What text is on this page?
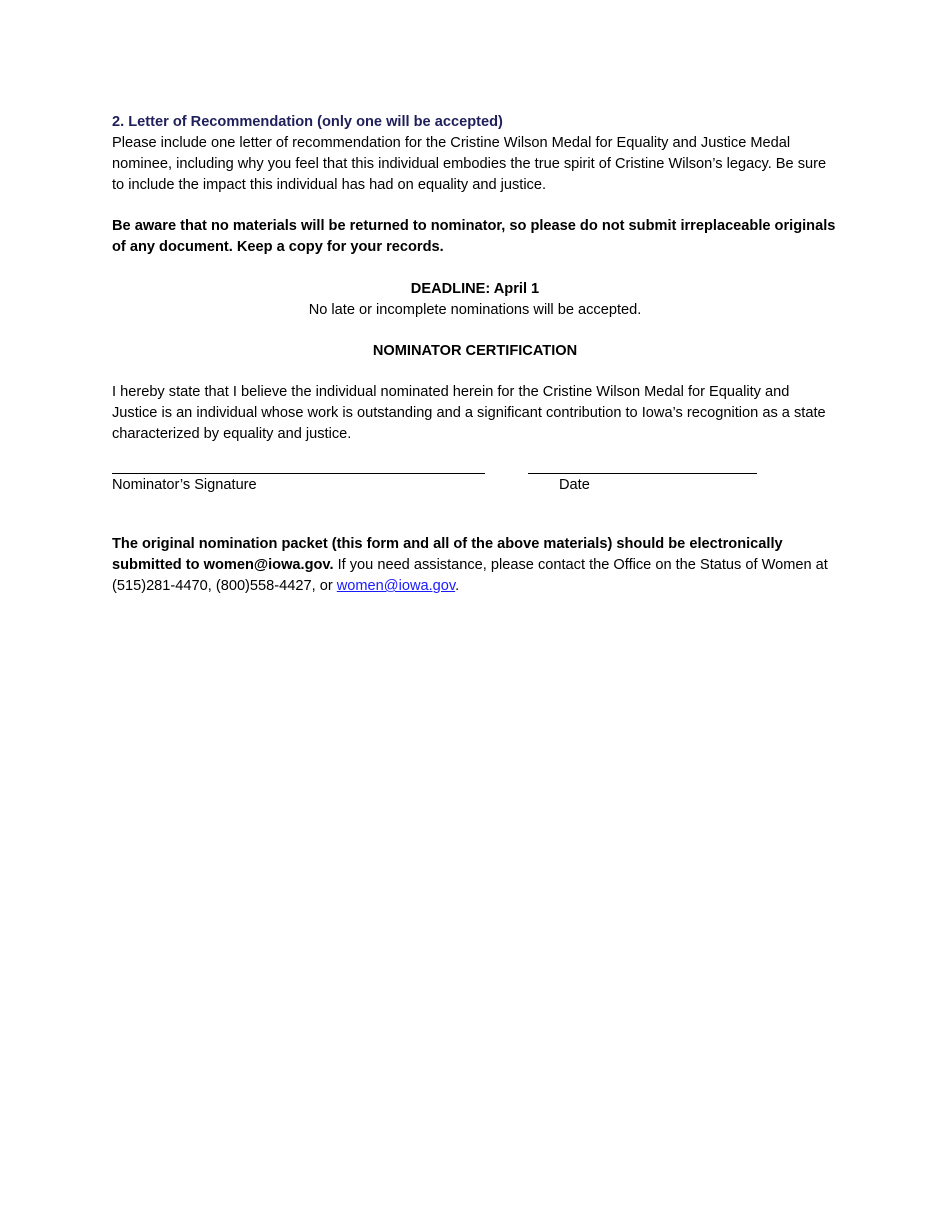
2. Letter of Recommendation (only one will be accepted)

Please include one letter of recommendation for the Cristine Wilson Medal for Equality and Justice Medal nominee, including why you feel that this individual embodies the true spirit of Cristine Wilson’s legacy. Be sure to include the impact this individual has had on equality and justice.

Be aware that no materials will be returned to nominator, so please do not submit irreplaceable originals of any document. Keep a copy for your records.

DEADLINE: April 1

No late or incomplete nominations will be accepted.

NOMINATOR CERTIFICATION

I hereby state that I believe the individual nominated herein for the Cristine Wilson Medal for Equality and Justice is an individual whose work is outstanding and a significant contribution to Iowa’s recognition as a state characterized by equality and justice.

Nominator’s Signature	Date

The original nomination packet (this form and all of the above materials) should be electronically submitted to women@iowa.gov. If you need assistance, please contact the Office on the Status of Women at (515)281-4470, (800)558-4427, or women@iowa.gov.
